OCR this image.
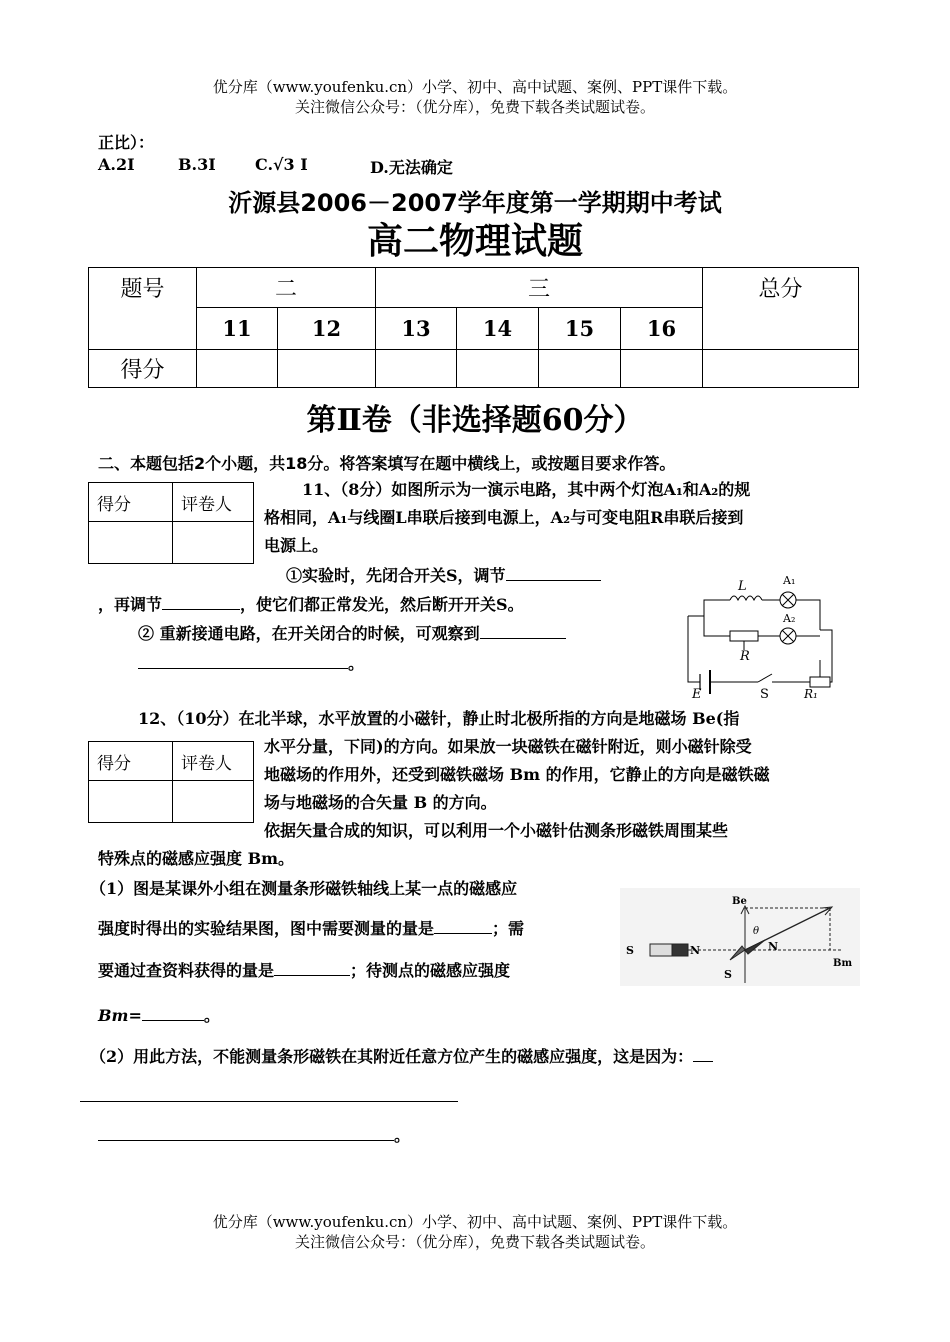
优分库（www.youfenku.cn）小学、初中、高中试题、案例、PPT课件下载。
关注微信公众号：（优分库），免费下载各类试题试卷。
正比）：
A.2I	B.3I C.√3 I	D.无法确定
沂源县2006－2007学年度第一学期期中考试
高二物理试题
题号	二		三				总分
	11	12	13	14	15	16	
得分							
第Ⅱ卷（非选择题60分）
二、本题包括2个小题，共18分。将答案填写在题中横线上，或按题目要求作答。
得分	评卷人

11、（8分）如图所示为一演示电路，其中两个灯泡A₁和A₂的规
格相同，A₁与线圈L串联后接到电源上，A₂与可变电阻R串联后接到
电源上。
①实验时，先闭合开关S，调节
，再调节	，使它们都正常发光，然后断开开关S。
② 重新接通电路，在开关闭合的时候，可观察到
。
L	A₁
A₂
R
E	S	R₁
12、（10分）在北半球，水平放置的小磁针，静止时北极所指的方向是地磁场 Be(指
得分	评卷人

水平分量，下同)的方向。如果放一块磁铁在磁针附近，则小磁针除受
地磁场的作用外，还受到磁铁磁场 Bm 的作用，它静止的方向是磁铁磁
场与地磁场的合矢量 B 的方向。
依据矢量合成的知识，可以利用一个小磁针估测条形磁铁周围某些
特殊点的磁感应强度 Bm。
（1）图是某课外小组在测量条形磁铁轴线上某一点的磁感应
强度时得出的实验结果图，图中需要测量的量是	；需
要通过查资料获得的量是	；待测点的磁感应强度
Bm=	。
S	N
Be
θ
N
S
Bm
（2）用此方法，不能测量条形磁铁在其附近任意方位产生的磁感应强度，这是因为：
。
优分库（www.youfenku.cn）小学、初中、高中试题、案例、PPT课件下载。
关注微信公众号：（优分库），免费下载各类试题试卷。
